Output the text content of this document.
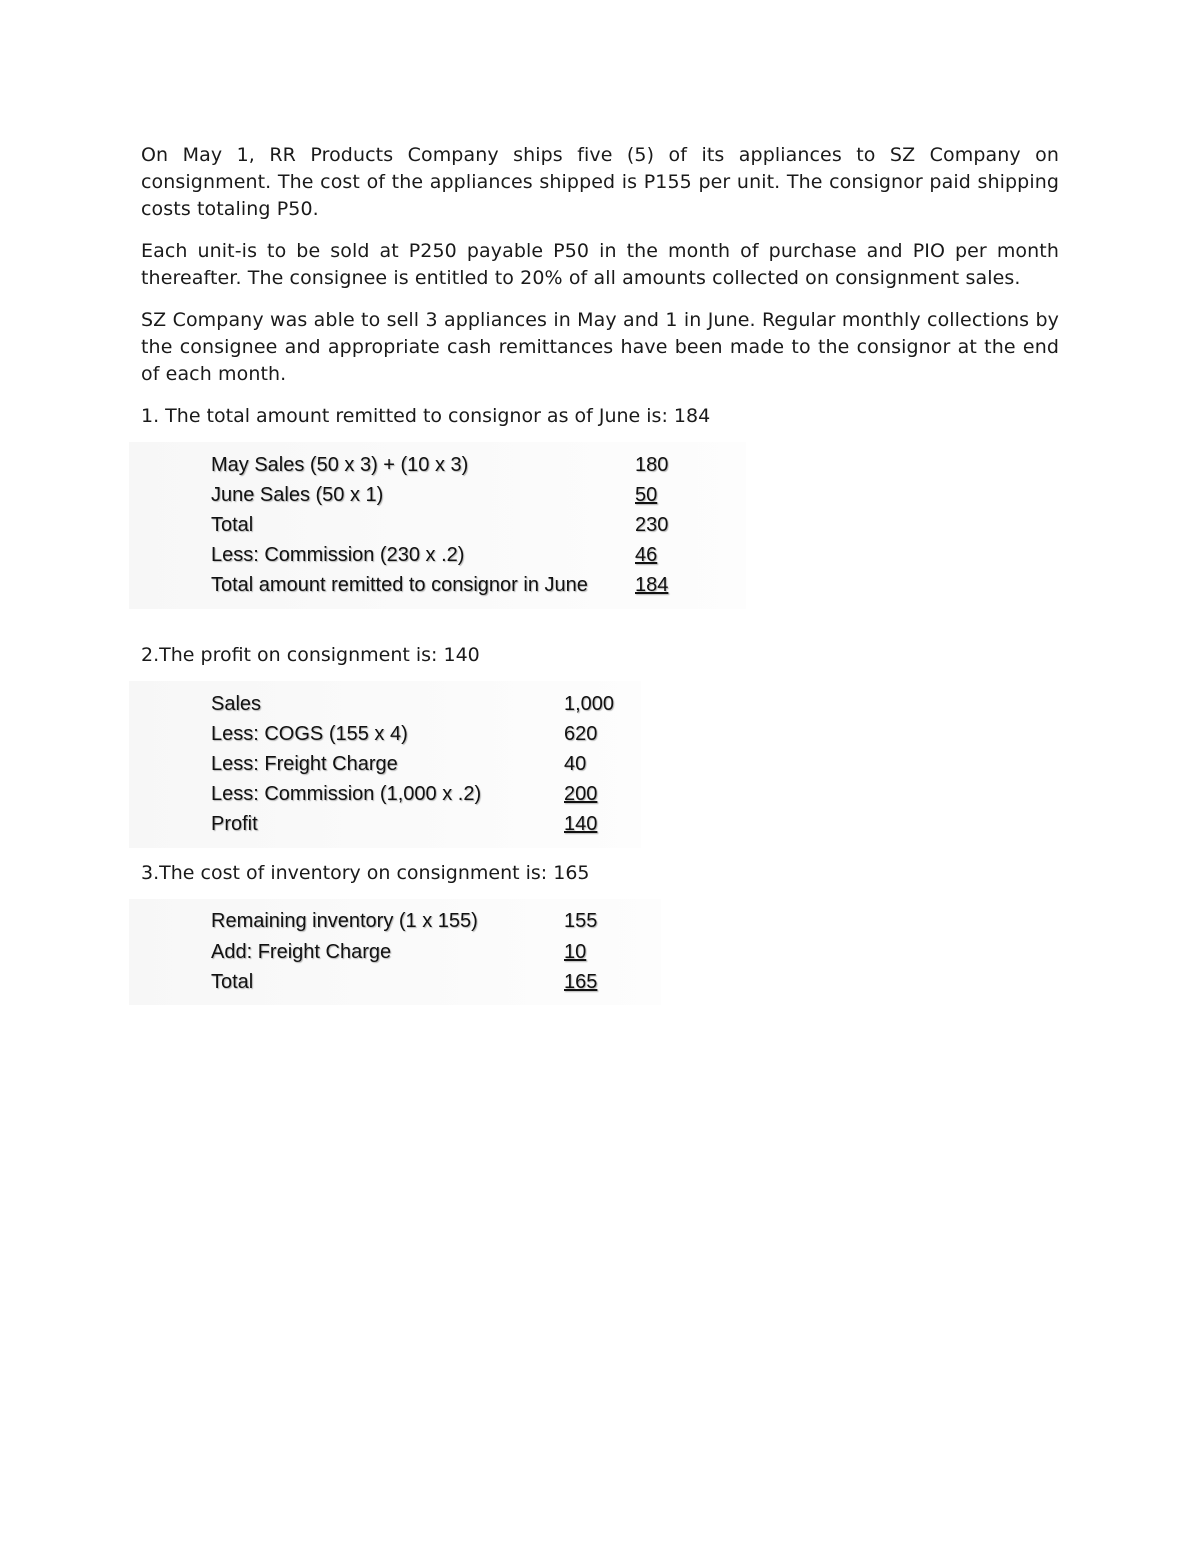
On May 1, RR Products Company ships five (5) of its appliances to SZ Company on consignment. The cost of the appliances shipped is P155 per unit. The consignor paid shipping costs totaling P50.

Each unit-is to be sold at P250 payable P50 in the month of purchase and PIO per month thereafter. The consignee is entitled to 20% of all amounts collected on consignment sales.

SZ Company was able to sell 3 appliances in May and 1 in June. Regular monthly collections by the consignee and appropriate cash remittances have been made to the consignor at the end of each month.

1. The total amount remitted to consignor as of June is: 184

May Sales (50 x 3) + (10 x 3)	180
June Sales (50 x 1)	50
Total	230
Less: Commission (230 x .2)	46
Total amount remitted to consignor in June	184

2.The profit on consignment is: 140

Sales	1,000
Less: COGS (155 x 4)	620
Less: Freight Charge	40
Less: Commission (1,000 x .2)	200
Profit	140

3.The cost of inventory on consignment is: 165

Remaining inventory (1 x 155)	155
Add: Freight Charge	10
Total	165
